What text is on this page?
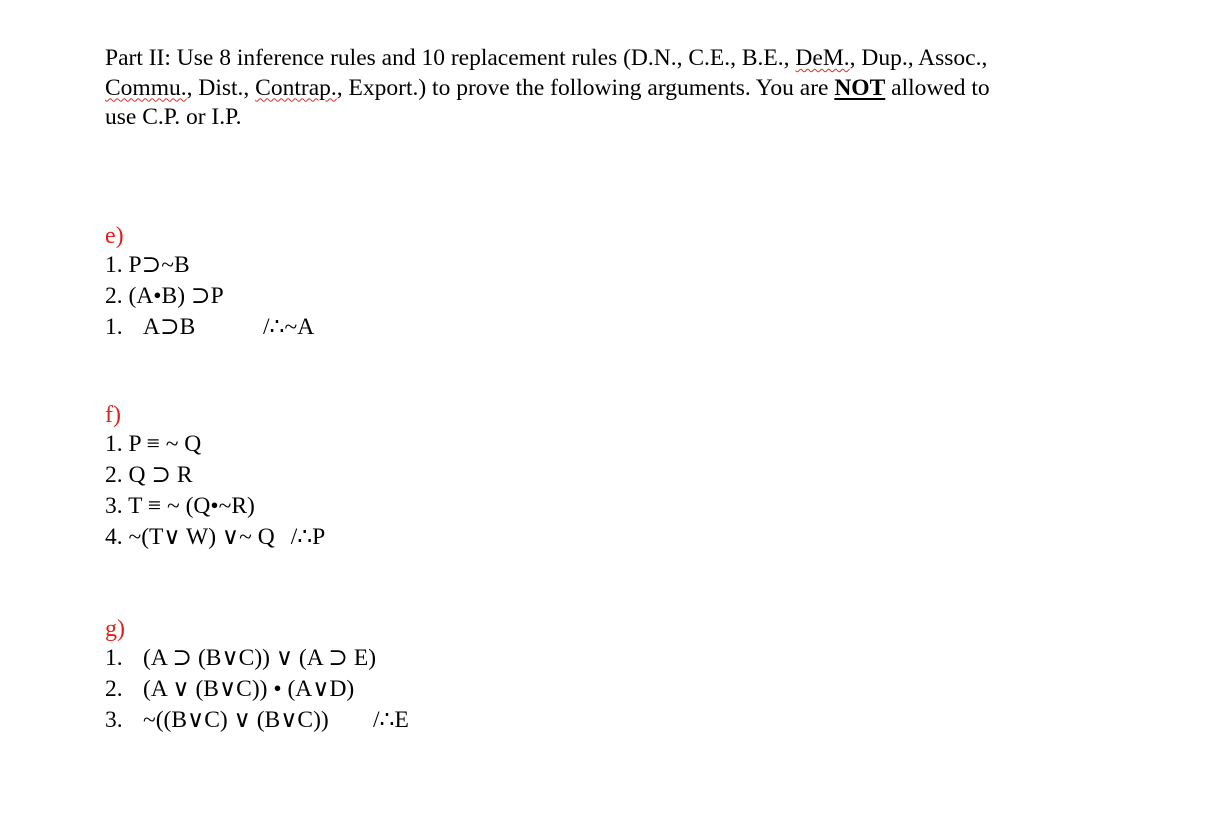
Part II: Use 8 inference rules and 10 replacement rules (D.N., C.E., B.E., DeM., Dup., Assoc.,
Commu., Dist., Contrap., Export.) to prove the following arguments. You are NOT allowed to
use C.P. or I.P.
e)
1. P⊃~B
2. (A•B) ⊃P
1. A⊃B	/∴~A
f)
1. P ≡ ~ Q
2. Q ⊃ R
3. T ≡ ~ (Q•~R)
4. ~(T∨ W) ∨~ Q /∴P
g)
1. (A ⊃ (B∨C)) ∨ (A ⊃ E)
2. (A ∨ (B∨C)) • (A∨D)
3. ~((B∨C) ∨ (B∨C)) /∴E
